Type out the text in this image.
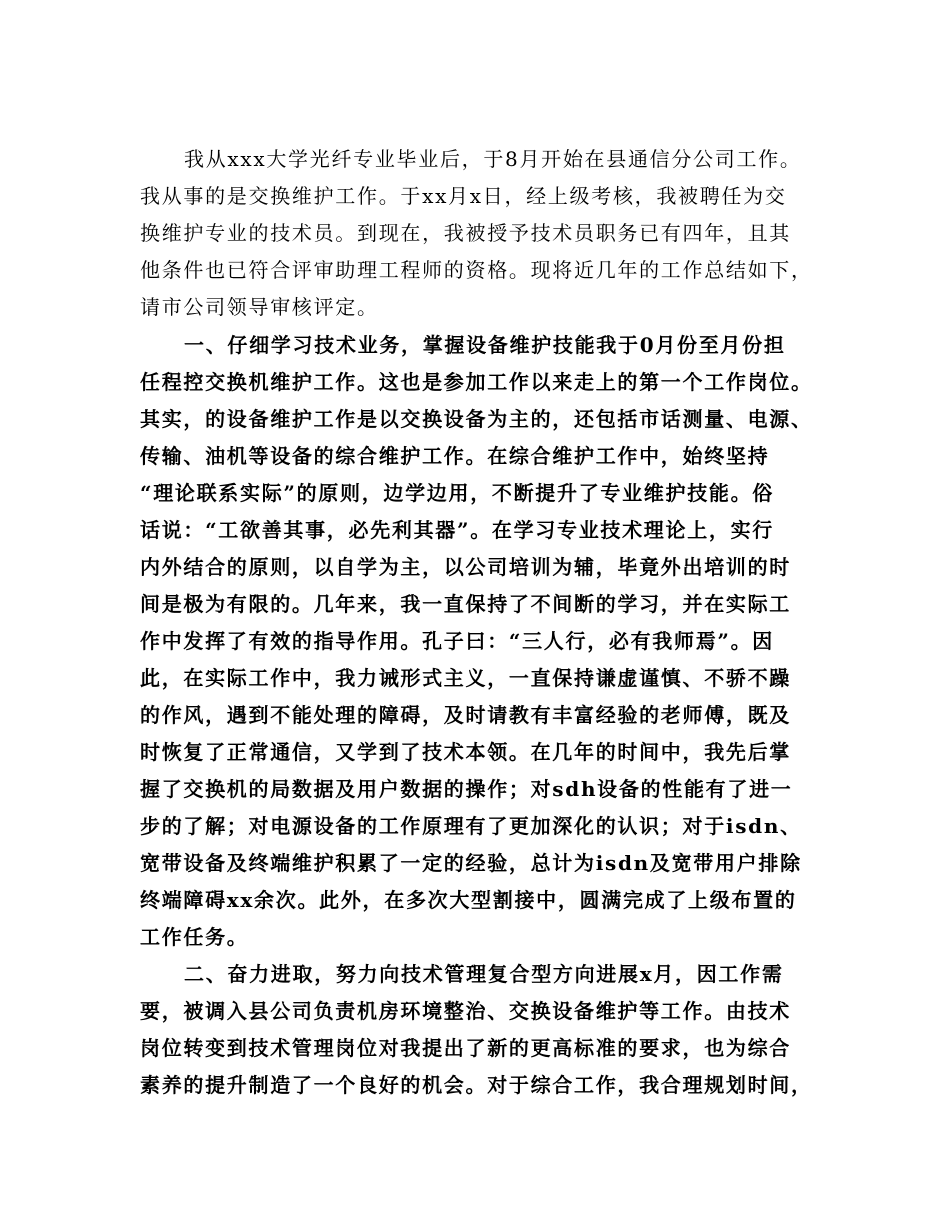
我从xxx大学光纤专业毕业后，于8月开始在县通信分公司工作。
我从事的是交换维护工作。于xx月x日，经上级考核，我被聘任为交
换维护专业的技术员。到现在，我被授予技术员职务已有四年，且其
他条件也已符合评审助理工程师的资格。现将近几年的工作总结如下，
请市公司领导审核评定。
一、仔细学习技术业务，掌握设备维护技能我于0月份至月份担
任程控交换机维护工作。这也是参加工作以来走上的第一个工作岗位。
其实，的设备维护工作是以交换设备为主的，还包括市话测量、电源、
传输、油机等设备的综合维护工作。在综合维护工作中，始终坚持
“理论联系实际”的原则，边学边用，不断提升了专业维护技能。俗
话说：“工欲善其事，必先利其器”。在学习专业技术理论上，实行
内外结合的原则，以自学为主，以公司培训为辅，毕竟外出培训的时
间是极为有限的。几年来，我一直保持了不间断的学习，并在实际工
作中发挥了有效的指导作用。孔子曰：“三人行，必有我师焉”。因
此，在实际工作中，我力诫形式主义，一直保持谦虚谨慎、不骄不躁
的作风，遇到不能处理的障碍，及时请教有丰富经验的老师傅，既及
时恢复了正常通信，又学到了技术本领。在几年的时间中，我先后掌
握了交换机的局数据及用户数据的操作；对sdh设备的性能有了进一
步的了解；对电源设备的工作原理有了更加深化的认识；对于isdn、
宽带设备及终端维护积累了一定的经验，总计为isdn及宽带用户排除
终端障碍xx余次。此外，在多次大型割接中，圆满完成了上级布置的
工作任务。
二、奋力进取，努力向技术管理复合型方向进展x月，因工作需
要，被调入县公司负责机房环境整治、交换设备维护等工作。由技术
岗位转变到技术管理岗位对我提出了新的更高标准的要求，也为综合
素养的提升制造了一个良好的机会。对于综合工作，我合理规划时间，
